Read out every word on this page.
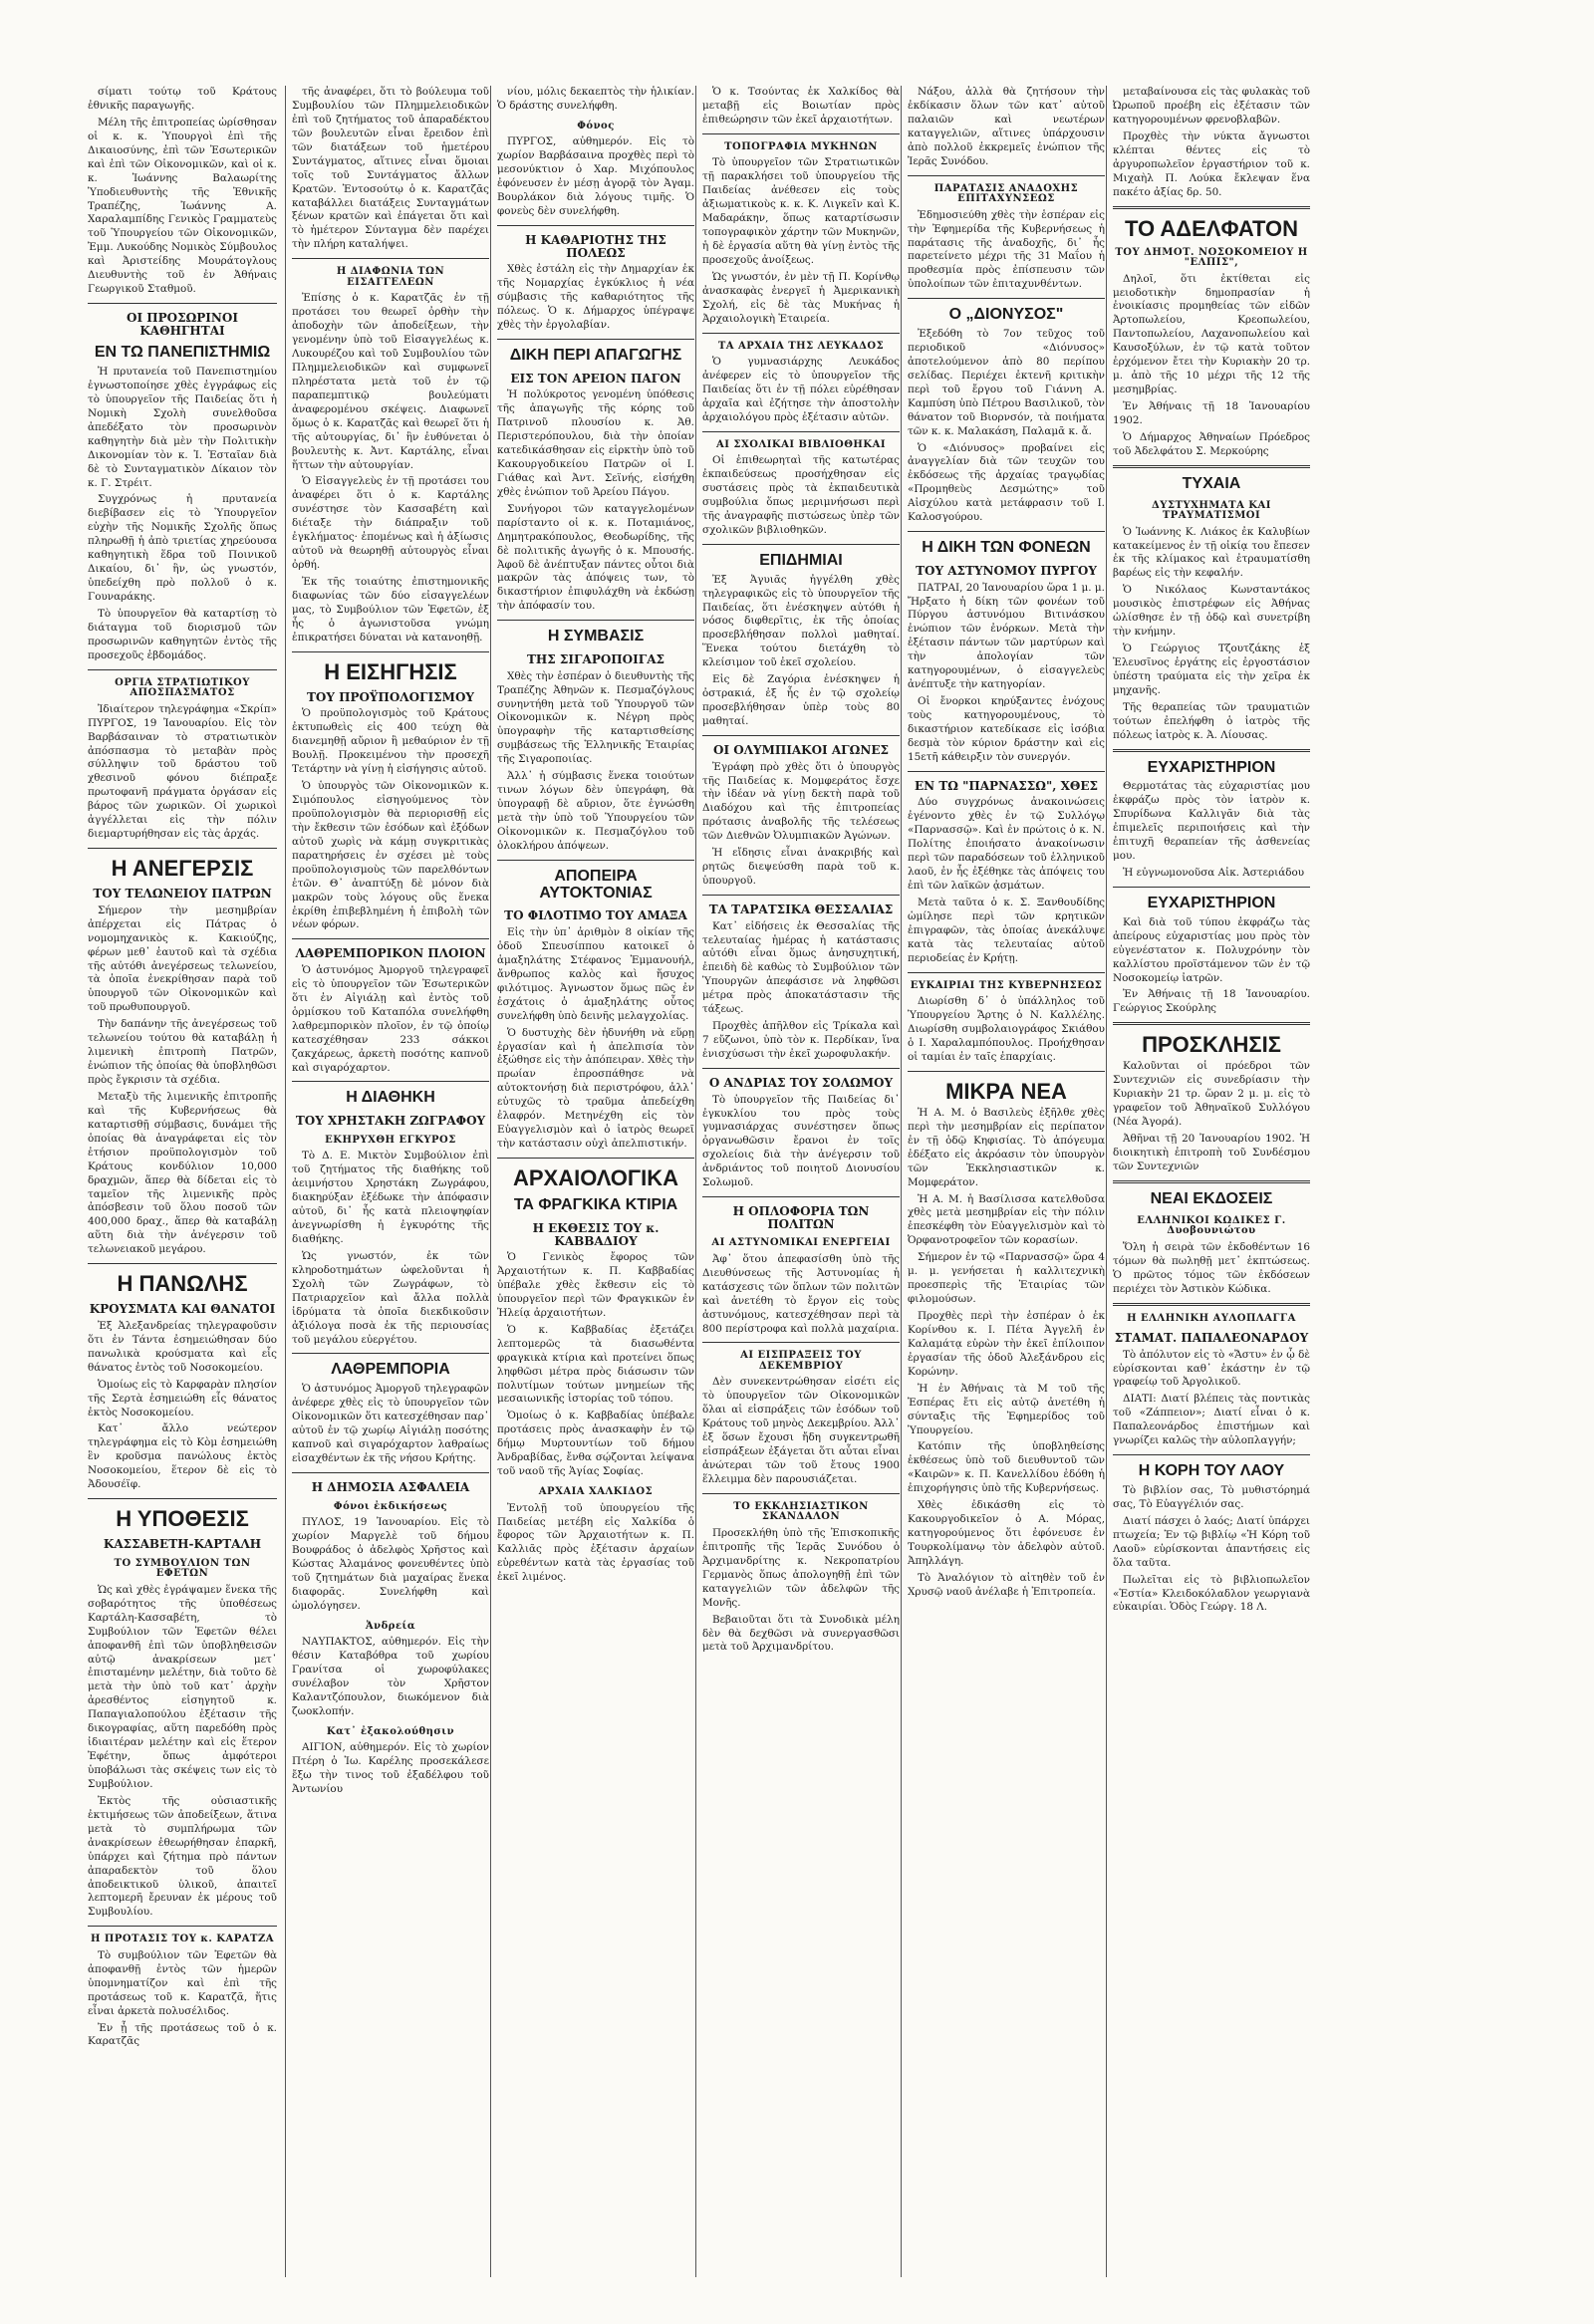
σίματι τούτῳ τοῦ Κράτους ἐθνικῆς παραγωγῆς.

Μέλη τῆς ἐπιτροπείας ὡρίσθησαν οἱ κ. κ. Ὑπουργοὶ ἐπὶ τῆς Δικαιοσύνης, ἐπὶ τῶν Ἐσωτερικῶν καὶ ἐπὶ τῶν Οἰκονομικῶν, καὶ οἱ κ. κ. Ἰωάννης Βαλαωρίτης Ὑποδιευθυντὴς τῆς Ἐθνικῆς Τραπέζης, Ἰωάννης Α. Χαραλαμπίδης Γενικὸς Γραμματεὺς τοῦ Ὑπουργείου τῶν Οἰκονομικῶν, Ἐμμ. Λυκούδης Νομικὸς Σύμβουλος καὶ Ἀριστείδης Μουράτογλους Διευθυντὴς τοῦ ἐν Ἀθήναις Γεωργικοῦ Σταθμοῦ.

ΟΙ ΠΡΟΣΩΡΙΝΟΙ ΚΑΘΗΓΗΤΑΙ
ΕΝ ΤΩ ΠΑΝΕΠΙΣΤΗΜΙΩ

Ἡ πρυτανεία τοῦ Πανεπιστημίου ἐγνωστοποίησε χθὲς ἐγγράφως εἰς τὸ ὑπουργεῖον τῆς Παιδείας ὅτι ἡ Νομικὴ Σχολὴ συνελθοῦσα ἀπεδέξατο τὸν προσωρινὸν καθηγητὴν διὰ μὲν τὴν Πολιτικὴν Δικονομίαν τὸν κ. Ἰ. Ἐσταῖαν διὰ δὲ τὸ Συνταγματικὸν Δίκαιον τὸν κ. Γ. Στρέιτ.

Συγχρόνως ἡ πρυτανεία διεβίβασεν εἰς τὸ Ὑπουργεῖον εὐχὴν τῆς Νομικῆς Σχολῆς ὅπως πληρωθῇ ἡ ἀπὸ τριετίας χηρεύουσα καθηγητικὴ ἕδρα τοῦ Ποινικοῦ Δικαίου, δι᾽ ἣν, ὡς γνωστόν, ὑπεδείχθη πρὸ πολλοῦ ὁ κ. Γουναράκης.

Τὸ ὑπουργεῖον θὰ καταρτίσῃ τὸ διάταγμα τοῦ διορισμοῦ τῶν προσωρινῶν καθηγητῶν ἐντὸς τῆς προσεχοῦς ἑβδομάδος.

ΟΡΓΙΑ ΣΤΡΑΤΙΩΤΙΚΟΥ ΑΠΟΣΠΑΣΜΑΤΟΣ

Ἰδιαίτερον τηλεγράφημα «Σκρίπ» ΠΥΡΓΟΣ, 19 Ἰανουαρίου. Εἰς τὸν Βαρβάσαιναν τὸ στρατιωτικὸν ἀπόσπασμα τὸ μεταβὰν πρὸς σύλληψιν τοῦ δράστου τοῦ χθεσινοῦ φόνου διέπραξε πρωτοφανῆ πράγματα ὀργάσαν εἰς βάρος τῶν χωρικῶν. Οἱ χωρικοὶ ἀγγέλλεται εἰς τὴν πόλιν διεμαρτυρήθησαν εἰς τὰς ἀρχάς.

Η ΑΝΕΓΕΡΣΙΣ
ΤΟΥ ΤΕΛΩΝΕΙΟΥ ΠΑΤΡΩΝ

Σήμερον τὴν μεσημβρίαν ἀπέρχεται εἰς Πάτρας ὁ νομομηχανικὸς κ. Κακιούζης, φέρων μεθ᾽ ἑαυτοῦ καὶ τὰ σχέδια τῆς αὐτόθι ἀνεγέρσεως τελωνείου, τὰ ὁποῖα ἐνεκρίθησαν παρὰ τοῦ ὑπουργοῦ τῶν Οἰκονομικῶν καὶ τοῦ πρωθυπουργοῦ.

Τὴν δαπάνην τῆς ἀνεγέρσεως τοῦ τελωνείου τούτου θὰ καταβάλῃ ἡ λιμενικὴ ἐπιτροπὴ Πατρῶν, ἐνώπιον τῆς ὁποίας θὰ ὑποβληθῶσι πρὸς ἔγκρισιν τὰ σχέδια.

Μεταξὺ τῆς λιμενικῆς ἐπιτροπῆς καὶ τῆς Κυβερνήσεως θὰ καταρτισθῇ σύμβασις, δυνάμει τῆς ὁποίας θὰ ἀναγράφεται εἰς τὸν ἐτήσιον προϋπολογισμὸν τοῦ Κράτους κονδύλιον 10,000 δραχμῶν, ἅπερ θὰ δίδεται εἰς τὸ ταμεῖον τῆς λιμενικῆς πρὸς ἀπόσβεσιν τοῦ ὅλου ποσοῦ τῶν 400,000 δραχ., ἅπερ θὰ καταβάλῃ αὕτη διὰ τὴν ἀνέγερσιν τοῦ τελωνειακοῦ μεγάρου.

Η ΠΑΝΩΛΗΣ
ΚΡΟΥΣΜΑΤΑ ΚΑΙ ΘΑΝΑΤΟΙ

Ἐξ Ἀλεξανδρείας τηλεγραφοῦσιν ὅτι ἐν Τάντα ἐσημειώθησαν δύο πανωλικὰ κρούσματα καὶ εἷς θάνατος ἐντὸς τοῦ Νοσοκομείου.

Ὁμοίως εἰς τὸ Καρφαρὰν πλησίον τῆς Σερτὰ ἐσημειώθη εἷς θάνατος ἐκτὸς Νοσοκομείου.

Κατ᾽ ἄλλο νεώτερον τηλεγράφημα εἰς τὸ Κὸμ ἐσημειώθη ἓν κροῦσμα πανώλους ἐκτὸς Νοσοκομείου, ἕτερον δὲ εἰς τὸ Ἀδουσέϊφ.

Η ΥΠΟΘΕΣΙΣ
ΚΑΣΣΑΒΕΤΗ-ΚΑΡΤΑΛΗ
ΤΟ ΣΥΜΒΟΥΛΙΟΝ ΤΩΝ ΕΦΕΤΩΝ

Ὡς καὶ χθὲς ἐγράψαμεν ἕνεκα τῆς σοβαρότητος τῆς ὑποθέσεως Καρτάλη-Κασσαβέτη, τὸ Συμβούλιον τῶν Ἐφετῶν θέλει ἀποφανθῆ ἐπὶ τῶν ὑποβληθεισῶν αὐτῷ ἀνακρίσεων μετ᾽ ἐπισταμένην μελέτην, διὰ τοῦτο δὲ μετὰ τὴν ὑπὸ τοῦ κατ᾽ ἀρχὴν ἀρεσθέντος εἰσηγητοῦ κ. Παπαγιαλοπούλου ἐξέτασιν τῆς δικογραφίας, αὕτη παρεδόθη πρὸς ἰδιαιτέραν μελέτην καὶ εἰς ἕτερον Ἐφέτην, ὅπως ἀμφότεροι ὑποβάλωσι τὰς σκέψεις των εἰς τὸ Συμβούλιον.

Ἐκτὸς τῆς οὐσιαστικῆς ἐκτιμήσεως τῶν ἀποδείξεων, ἅτινα μετὰ τὸ συμπλήρωμα τῶν ἀνακρίσεων ἐθεωρήθησαν ἐπαρκῆ, ὑπάρχει καὶ ζήτημα πρὸ πάντων ἀπαραδεκτὸν τοῦ ὅλου ἀποδεικτικοῦ ὑλικοῦ, ἀπαιτεῖ λεπτομερῆ ἔρευναν ἐκ μέρους τοῦ Συμβουλίου.

Η ΠΡΟΤΑΣΙΣ ΤΟΥ κ. ΚΑΡΑΤΖΑ

Τὸ συμβούλιον τῶν Ἐφετῶν θὰ ἀποφανθῇ ἐντὸς τῶν ἡμερῶν ὑπομνηματίζον καὶ ἐπὶ τῆς προτάσεως τοῦ κ. Καρατζᾶ, ἥτις εἶναι ἀρκετὰ πολυσέλιδος.

Ἐν ᾗ τῆς προτάσεως τοῦ ὁ κ. Καρατζᾶς

τῆς ἀναφέρει, ὅτι τὸ βούλευμα τοῦ Συμβουλίου τῶν Πλημμελειοδικῶν ἐπὶ τοῦ ζητήματος τοῦ ἀπαραδέκτου τῶν βουλευτῶν εἶναι ἔρειδον ἐπὶ τῶν διατάξεων τοῦ ἡμετέρου Συντάγματος, αἵτινες εἶναι ὅμοιαι τοῖς τοῦ Συντάγματος ἄλλων Κρατῶν. Ἐντοσούτῳ ὁ κ. Καρατζᾶς καταβάλλει διατάξεις Συνταγμάτων ξένων κρατῶν καὶ ἐπάγεται ὅτι καὶ τὸ ἡμέτερον Σύνταγμα δὲν παρέχει τὴν πλήρη καταλήψει.

Η ΔΙΑΦΩΝΙΑ ΤΩΝ ΕΙΣΑΓΓΕΛΕΩΝ

Ἐπίσης ὁ κ. Καρατζᾶς ἐν τῇ προτάσει του θεωρεῖ ὀρθὴν τὴν ἀποδοχὴν τῶν ἀποδείξεων, τὴν γενομένην ὑπὸ τοῦ Εἰσαγγελέως κ. Λυκουρέζου καὶ τοῦ Συμβουλίου τῶν Πλημμελειοδικῶν καὶ συμφωνεῖ πληρέστατα μετὰ τοῦ ἐν τῷ παραπεμπτικῷ βουλεύματι ἀναφερομένου σκέψεις. Διαφωνεῖ ὅμως ὁ κ. Καρατζᾶς καὶ θεωρεῖ ὅτι ἡ τῆς αὐτουργίας, δι᾽ ἣν ἐυθύνεται ὁ βουλευτὴς κ. Ἀντ. Καρτάλης, εἶναι ἥττων τὴν αὐτουργίαν.

Ὁ Εἰσαγγελεὺς ἐν τῇ προτάσει του ἀναφέρει ὅτι ὁ κ. Καρτάλης συνέστησε τὸν Κασσαβέτη καὶ διέταξε τὴν διάπραξιν τοῦ ἐγκλήματος· ἐπομένως καὶ ἡ ἀξίωσις αὐτοῦ νὰ θεωρηθῇ αὐτουργὸς εἶναι ὀρθή.

Ἐκ τῆς τοιαύτης ἐπιστημονικῆς διαφωνίας τῶν δύο εἰσαγγελέων μας, τὸ Συμβούλιον τῶν Ἐφετῶν, ἐξ ἧς ὁ ἀγωνιστοῦσα γνώμη ἐπικρατήσει δύναται νὰ κατανοηθῇ.

Η ΕΙΣΗΓΗΣΙΣ
ΤΟΥ ΠΡΟΫΠΟΛΟΓΙΣΜΟΥ

Ὁ προϋπολογισμὸς τοῦ Κράτους ἐκτυπωθεὶς εἰς 400 τεύχη θὰ διανεμηθῇ αὔριον ἢ μεθαύριον ἐν τῇ Βουλῇ. Προκειμένου τὴν προσεχῆ Τετάρτην νὰ γίνῃ ἡ εἰσήγησις αὐτοῦ.

Ὁ ὑπουργὸς τῶν Οἰκονομικῶν κ. Σιμόπουλος εἰσηγούμενος τὸν προϋπολογισμὸν θὰ περιορισθῇ εἰς τὴν ἔκθεσιν τῶν ἐσόδων καὶ ἐξόδων αὐτοῦ χωρὶς νὰ κάμῃ συγκριτικὰς παρατηρήσεις ἐν σχέσει μὲ τοὺς προϋπολογισμοὺς τῶν παρελθόντων ἐτῶν. Θ᾽ ἀναπτύξῃ δὲ μόνον διὰ μακρῶν τοὺς λόγους οὓς ἕνεκα ἐκρίθη ἐπιβεβλημένη ἡ ἐπιβολὴ τῶν νέων φόρων.

ΛΑΘΡΕΜΠΟΡΙΚΟΝ ΠΛΟΙΟΝ

Ὁ ἀστυνόμος Ἀμοργοῦ τηλεγραφεῖ εἰς τὸ ὑπουργεῖον τῶν Ἐσωτερικῶν ὅτι ἐν Αἰγιάλῃ καὶ ἐντὸς τοῦ ὁρμίσκου τοῦ Καταπόλα συνελήφθη λαθρεμπορικὸν πλοῖον, ἐν τῷ ὁποίῳ κατεσχέθησαν 233 σάκκοι ζακχάρεως, ἀρκετὴ ποσότης καπνοῦ καὶ σιγαρόχαρτον.

Η ΔΙΑΘΗΚΗ
ΤΟΥ ΧΡΗΣΤΑΚΗ ΖΩΓΡΑΦΟΥ
ΕΚΗΡΥΧΘΗ ΕΓΚΥΡΟΣ

Τὸ Δ. Ε. Μικτὸν Συμβούλιον ἐπὶ τοῦ ζητήματος τῆς διαθήκης τοῦ ἀειμνήστου Χρηστάκη Ζωγράφου, διακηρύξαν ἐξέδωκε τὴν ἀπόφασιν αὐτοῦ, δι᾽ ἧς κατὰ πλειοψηφίαν ἀνεγνωρίσθη ἡ ἐγκυρότης τῆς διαθήκης.

Ὡς γνωστόν, ἐκ τῶν κληροδοτημάτων ὡφελοῦνται ἡ Σχολὴ τῶν Ζωγράφων, τὸ Πατριαρχεῖον καὶ ἄλλα πολλὰ ἱδρύματα τὰ ὁποῖα διεκδικοῦσιν ἀξιόλογα ποσὰ ἐκ τῆς περιουσίας τοῦ μεγάλου εὐεργέτου.

ΛΑΘΡΕΜΠΟΡΙΑ

Ὁ ἀστυνόμος Ἀμοργοῦ τηλεγραφῶν ἀνέφερε χθὲς εἰς τὸ ὑπουργεῖον τῶν Οἰκονομικῶν ὅτι κατεσχέθησαν παρ᾽ αὐτοῦ ἐν τῷ χωρίῳ Αἰγιάλῃ ποσότης καπνοῦ καὶ σιγαρόχαρτον λαθραίως εἰσαχθέντων ἐκ τῆς νήσου Κρήτης.

Η ΔΗΜΟΣΙΑ ΑΣΦΑΛΕΙΑ
Φόνοι ἐκδικήσεως

ΠΥΛΟΣ, 19 Ἰανουαρίου. Εἰς τὸ χωρίον Μαργελὲ τοῦ δήμου Βουφράδος ὁ ἀδελφὸς Χρῆστος καὶ Κώστας Ἀλαμάνος φονευθέντες ὑπὸ τοῦ ζητημάτων διὰ μαχαίρας ἕνεκα διαφορᾶς. Συνελήφθη καὶ ὡμολόγησεν.

Ἀνδρεία

ΝΑΥΠΑΚΤΟΣ, αὐθημερόν. Εἰς τὴν θέσιν Καταβόθρα τοῦ χωρίου Γρανίτσα οἱ χωροφύλακες συνέλαβον τὸν Χρῆστον Καλαντζόπουλον, διωκόμενον διὰ ζωοκλοπήν.

Κατ᾽ ἐξακολούθησιν

ΑΙΓΙΟΝ, αὐθημερόν. Εἰς τὸ χωρίον Πτέρη ὁ Ἰω. Καρέλης προσεκάλεσε ἔξω τὴν τινος τοῦ ἐξαδέλφου τοῦ Ἀντωνίου

νίου, μόλις δεκαεπτὸς τὴν ἡλικίαν. Ὁ δράστης συνελήφθη.

Φόνος

ΠΥΡΓΟΣ, αὐθημερόν. Εἰς τὸ χωρίον Βαρβάσαινα προχθὲς περὶ τὸ μεσονύκτιον ὁ Χαρ. Μιχόπουλος ἐφόνευσεν ἐν μέσῃ ἀγορᾷ τὸν Ἀγαμ. Βουρλάκον διὰ λόγους τιμῆς. Ὁ φονεὺς δὲν συνελήφθη.

Η ΚΑΘΑΡΙΟΤΗΣ ΤΗΣ ΠΟΛΕΩΣ

Χθὲς ἐστάλη εἰς τὴν Δημαρχίαν ἐκ τῆς Νομαρχίας ἐγκύκλιος ἡ νέα σύμβασις τῆς καθαριότητος τῆς πόλεως. Ὁ κ. Δήμαρχος ὑπέγραψε χθὲς τὴν ἐργολαβίαν.

ΔΙΚΗ ΠΕΡΙ ΑΠΑΓΩΓΗΣ
ΕΙΣ ΤΟΝ ΑΡΕΙΟΝ ΠΑΓΟΝ

Ἡ πολύκροτος γενομένη ὑπόθεσις τῆς ἀπαγωγῆς τῆς κόρης τοῦ Πατρινοῦ πλουσίου κ. Ἀθ. Περιστερόπουλου, διὰ τὴν ὁποίαν κατεδικάσθησαν εἰς εἱρκτὴν ὑπὸ τοῦ Κακουργοδικείου Πατρῶν οἱ Ι. Γιάθας καὶ Ἀντ. Σεϊνής, εἰσήχθη χθὲς ἐνώπιον τοῦ Ἀρείου Πάγου.

Συνήγοροι τῶν καταγγελομένων παρίσταντο οἱ κ. κ. Ποταμιάνος, Δημητρακόπουλος, Θεοδωρίδης, τῆς δὲ πολιτικῆς ἀγωγῆς ὁ κ. Μπουσής. Ἀφοῦ δὲ ἀνέπτυξαν πάντες οὗτοι διὰ μακρῶν τὰς ἀπόψεις των, τὸ δικαστήριον ἐπιφυλάχθη νὰ ἐκδώσῃ τὴν ἀπόφασίν του.

Η ΣΥΜΒΑΣΙΣ
ΤΗΣ ΣΙΓΑΡΟΠΟΙΓΑΣ

Χθὲς τὴν ἑσπέραν ὁ διευθυντὴς τῆς Τραπέζης Ἀθηνῶν κ. Πεσμαζόγλους συνηντήθη μετὰ τοῦ Ὑπουργοῦ τῶν Οἰκονομικῶν κ. Νέγρη πρὸς ὑπογραφὴν τῆς καταρτισθείσης συμβάσεως τῆς Ἑλληνικῆς Ἑταιρίας τῆς Σιγαροποιίας.

Ἀλλ᾽ ἡ σύμβασις ἕνεκα τοιούτων τινων λόγων δὲν ὑπεγράφη, θὰ ὑπογραφῇ δὲ αὔριον, ὅτε ἐγνώσθη μετὰ τὴν ὑπὸ τοῦ Ὑπουργείου τῶν Οἰκονομικῶν κ. Πεσμαζόγλου τοῦ ὁλοκλήρου ἀπόψεων.

ΑΠΟΠΕΙΡΑ ΑΥΤΟΚΤΟΝΙΑΣ
ΤΟ ΦΙΛΟΤΙΜΟ ΤΟΥ ΑΜΑΞΑ

Εἰς τὴν ὑπ᾽ ἀριθμὸν 8 οἰκίαν τῆς ὁδοῦ Σπευσίππου κατοικεῖ ὁ ἁμαξηλάτης Στέφανος Ἐμμανουήλ, ἄνθρωπος καλὸς καὶ ἥσυχος φιλότιμος. Ἀγνωστον ὅμως πῶς ἐν ἐσχάτοις ὁ ἁμαξηλάτης οὗτος συνελήφθη ὑπὸ δεινῆς μελαγχολίας.

Ὁ δυστυχὴς δὲν ἠδυνήθη νὰ εὕρῃ ἐργασίαν καὶ ἡ ἀπελπισία τὸν ἐξώθησε εἰς τὴν ἀπόπειραν. Χθὲς τὴν πρωίαν ἐπροσπάθησε νὰ αὐτοκτονήσῃ διὰ περιστρόφου, ἀλλ᾽ εὐτυχῶς τὸ τραῦμα ἀπεδείχθη ἐλαφρόν. Μετηνέχθη εἰς τὸν Εὐαγγελισμὸν καὶ ὁ ἰατρὸς θεωρεῖ τὴν κατάστασιν οὐχὶ ἀπελπιστικήν.

ΑΡΧΑΙΟΛΟΓΙΚΑ
ΤΑ ΦΡΑΓΚΙΚΑ ΚΤΙΡΙΑ
Η ΕΚΘΕΣΙΣ ΤΟΥ κ. ΚΑΒΒΑΔΙΟΥ

Ὁ Γενικὸς ἔφορος τῶν Ἀρχαιοτήτων κ. Π. Καββαδίας ὑπέβαλε χθὲς ἔκθεσιν εἰς τὸ ὑπουργεῖον περὶ τῶν Φραγκικῶν ἐν Ἠλείᾳ ἀρχαιοτήτων.

Ὁ κ. Καββαδίας ἐξετάζει λεπτομερῶς τὰ διασωθέντα φραγκικὰ κτίρια καὶ προτείνει ὅπως ληφθῶσι μέτρα πρὸς διάσωσιν τῶν πολυτίμων τούτων μνημείων τῆς μεσαιωνικῆς ἱστορίας τοῦ τόπου.

Ὁμοίως ὁ κ. Καββαδίας ὑπέβαλε προτάσεις πρὸς ἀνασκαφὴν ἐν τῷ δήμῳ Μυρτουντίων τοῦ δήμου Ἀνδραβίδας, ἔνθα σῴζονται λείψανα τοῦ ναοῦ τῆς Ἁγίας Σοφίας.

ΑΡΧΑΙΑ ΧΑΛΚΙΔΟΣ

Ἐντολῇ τοῦ ὑπουργείου τῆς Παιδείας μετέβη εἰς Χαλκίδα ὁ ἔφορος τῶν Ἀρχαιοτήτων κ. Π. Καλλιᾶς πρὸς ἐξέτασιν ἀρχαίων εὑρεθέντων κατὰ τὰς ἐργασίας τοῦ ἐκεῖ λιμένος.

Ὁ κ. Τσούντας ἐκ Χαλκίδος θὰ μεταβῇ εἰς Βοιωτίαν πρὸς ἐπιθεώρησιν τῶν ἐκεῖ ἀρχαιοτήτων.

ΤΟΠΟΓΡΑΦΙΑ ΜΥΚΗΝΩΝ

Τὸ ὑπουργεῖον τῶν Στρατιωτικῶν τῇ παρακλήσει τοῦ ὑπουργείου τῆς Παιδείας ἀνέθεσεν εἰς τοὺς ἀξιωματικοὺς κ. κ. Κ. Λιγκεῖν καὶ Κ. Μαδαράκην, ὅπως καταρτίσωσιν τοπογραφικὸν χάρτην τῶν Μυκηνῶν, ἡ δὲ ἐργασία αὕτη θὰ γίνῃ ἐντὸς τῆς προσεχοῦς ἀνοίξεως.

Ὡς γνωστόν, ἐν μὲν τῇ Π. Κορίνθῳ ἀνασκαφὰς ἐνεργεῖ ἡ Ἀμερικανικὴ Σχολή, εἰς δὲ τὰς Μυκήνας ἡ Ἀρχαιολογικὴ Ἑταιρεία.

ΤΑ ΑΡΧΑΙΑ ΤΗΣ ΛΕΥΚΑΔΟΣ

Ὁ γυμνασιάρχης Λευκάδος ἀνέφερεν εἰς τὸ ὑπουργεῖον τῆς Παιδείας ὅτι ἐν τῇ πόλει εὑρέθησαν ἀρχαῖα καὶ ἐζήτησε τὴν ἀποστολὴν ἀρχαιολόγου πρὸς ἐξέτασιν αὐτῶν.

ΑΙ ΣΧΟΛΙΚΑΙ ΒΙΒΛΙΟΘΗΚΑΙ

Οἱ ἐπιθεωρηταὶ τῆς κατωτέρας ἐκπαιδεύσεως προσήχθησαν εἰς συστάσεις πρὸς τὰ ἐκπαιδευτικὰ συμβούλια ὅπως μεριμνήσωσι περὶ τῆς ἀναγραφῆς πιστώσεως ὑπὲρ τῶν σχολικῶν βιβλιοθηκῶν.

ΕΠΙΔΗΜΙΑΙ

Ἐξ Ἀγυιᾶς ἠγγέλθη χθὲς τηλεγραφικῶς εἰς τὸ ὑπουργεῖον τῆς Παιδείας, ὅτι ἐνέσκηψεν αὐτόθι ἡ νόσος διφθερῖτις, ἐκ τῆς ὁποίας προσεβλήθησαν πολλοὶ μαθηταί. Ἕνεκα τούτου διετάχθη τὸ κλείσιμον τοῦ ἐκεῖ σχολείου.

Εἰς δὲ Ζαγόρια ἐνέσκηψεν ἡ ὀστρακιά, ἐξ ἧς ἐν τῷ σχολείῳ προσεβλήθησαν ὑπὲρ τοὺς 80 μαθηταί.

ΟΙ ΟΛΥΜΠΙΑΚΟΙ ΑΓΩΝΕΣ

Ἐγράφη πρὸ χθὲς ὅτι ὁ ὑπουργὸς τῆς Παιδείας κ. Μομφεράτος ἔσχε τὴν ἰδέαν νὰ γίνῃ δεκτὴ παρὰ τοῦ Διαδόχου καὶ τῆς ἐπιτροπείας πρότασις ἀναβολῆς τῆς τελέσεως τῶν Διεθνῶν Ὀλυμπιακῶν Ἀγώνων.

Ἡ εἴδησις εἶναι ἀνακριβής καὶ ρητῶς διεψεύσθη παρὰ τοῦ κ. ὑπουργοῦ.

ΤΑ ΤΑΡΑΤΣΙΚΑ ΘΕΣΣΑΛΙΑΣ

Κατ᾽ εἰδήσεις ἐκ Θεσσαλίας τῆς τελευταίας ἡμέρας ἡ κατάστασις αὐτόθι εἶναι ὅμως ἀνησυχητική, ἐπειδὴ δὲ καθὼς τὸ Συμβούλιον τῶν Ὑπουργῶν ἀπεφάσισε νὰ ληφθῶσι μέτρα πρὸς ἀποκατάστασιν τῆς τάξεως.

Προχθὲς ἀπῆλθον εἰς Τρίκαλα καὶ 7 εὔζωνοι, ὑπὸ τὸν κ. Περδίκαν, ἵνα ἐνισχύσωσι τὴν ἐκεῖ χωροφυλακήν.

Ο ΑΝΔΡΙΑΣ ΤΟΥ ΣΟΛΩΜΟΥ

Τὸ ὑπουργεῖον τῆς Παιδείας δι᾽ ἐγκυκλίου του πρὸς τοὺς γυμνασιάρχας συνέστησεν ὅπως ὀργανωθῶσιν ἔρανοι ἐν τοῖς σχολείοις διὰ τὴν ἀνέγερσιν τοῦ ἀνδριάντος τοῦ ποιητοῦ Διονυσίου Σολωμοῦ.

Η ΟΠΛΟΦΟΡΙΑ ΤΩΝ ΠΟΛΙΤΩΝ
ΑΙ ΑΣΤΥΝΟΜΙΚΑΙ ΕΝΕΡΓΕΙΑΙ

Ἀφ᾽ ὅτου ἀπεφασίσθη ὑπὸ τῆς Διευθύνσεως τῆς Ἀστυνομίας ἡ κατάσχεσις τῶν ὅπλων τῶν πολιτῶν καὶ ἀνετέθη τὸ ἔργον εἰς τοὺς ἀστυνόμους, κατεσχέθησαν περὶ τὰ 800 περίστροφα καὶ πολλὰ μαχαίρια.

ΑΙ ΕΙΣΠΡΑΞΕΙΣ ΤΟΥ ΔΕΚΕΜΒΡΙΟΥ

Δὲν συνεκεντρώθησαν εἰσέτι εἰς τὸ ὑπουργεῖον τῶν Οἰκονομικῶν ὅλαι αἱ εἰσπράξεις τῶν ἐσόδων τοῦ Κράτους τοῦ μηνὸς Δεκεμβρίου. Ἀλλ᾽ ἐξ ὅσων ἔχουσι ἤδη συγκεντρωθῆ εἰσπράξεων ἐξάγεται ὅτι αὗται εἶναι ἀνώτεραι τῶν τοῦ ἔτους 1900 ἕλλειμμα δὲν παρουσιάζεται.

ΤΟ ΕΚΚΛΗΣΙΑΣΤΙΚΟΝ ΣΚΑΝΔΑΛΟΝ

Προσεκλήθη ὑπὸ τῆς Ἐπισκοπικῆς ἐπιτροπῆς τῆς Ἱερᾶς Συνόδου ὁ Ἀρχιμανδρίτης κ. Νεκροπατρίου Γερμανὸς ὅπως ἀπολογηθῇ ἐπὶ τῶν καταγγελιῶν τῶν ἀδελφῶν τῆς Μονῆς.

Βεβαιοῦται ὅτι τὰ Συνοδικὰ μέλη δὲν θὰ δεχθῶσι νὰ συνεργασθῶσι μετὰ τοῦ Ἀρχιμανδρίτου.

Νάξου, ἀλλὰ θὰ ζητήσουν τὴν ἐκδίκασιν ὅλων τῶν κατ᾽ αὐτοῦ παλαιῶν καὶ νεωτέρων καταγγελιῶν, αἵτινες ὑπάρχουσιν ἀπὸ πολλοῦ ἐκκρεμεῖς ἐνώπιον τῆς Ἱερᾶς Συνόδου.

ΠΑΡΑΤΑΣΙΣ ΑΝΑΔΟΧΗΣ ΕΠΙΤΑΧΥΝΣΕΩΣ

Ἐδημοσιεύθη χθὲς τὴν ἑσπέραν εἰς τὴν Ἐφημερίδα τῆς Κυβερνήσεως ἡ παράτασις τῆς ἀναδοχῆς, δι᾽ ἧς παρετείνετο μέχρι τῆς 31 Μαΐου ἡ προθεσμία πρὸς ἐπίσπευσιν τῶν ὑπολοίπων τῶν ἐπιταχυνθέντων.

Ο „ΔΙΟΝΥΣΟΣ"

Ἐξεδόθη τὸ 7ον τεῦχος τοῦ περιοδικοῦ «Διόνυσος» ἀποτελούμενον ἀπὸ 80 περίπου σελίδας. Περιέχει ἐκτενῆ κριτικὴν περὶ τοῦ ἔργου τοῦ Γιάννη Α. Καμπύση ὑπὸ Πέτρου Βασιλικοῦ, τὸν θάνατον τοῦ Βιορνσόν, τὰ ποιήματα τῶν κ. κ. Μαλακάση, Παλαμᾶ κ. ἄ.

Ὁ «Διόνυσος» προβαίνει εἰς ἀναγγελίαν διὰ τῶν τευχῶν του ἐκδόσεως τῆς ἀρχαίας τραγῳδίας «Προμηθεὺς Δεσμώτης» τοῦ Αἰσχύλου κατὰ μετάφρασιν τοῦ Ι. Καλοσγούρου.

Η ΔΙΚΗ ΤΩΝ ΦΟΝΕΩΝ
ΤΟΥ ΑΣΤΥΝΟΜΟΥ ΠΥΡΓΟΥ

ΠΑΤΡΑΙ, 20 Ἰανουαρίου ὥρα 1 μ. μ. Ἤρξατο ἡ δίκη τῶν φονέων τοῦ Πύργου ἀστυνόμου Βιτινάσκου ἐνώπιον τῶν ἐνόρκων. Μετὰ τὴν ἐξέτασιν πάντων τῶν μαρτύρων καὶ τὴν ἀπολογίαν τῶν κατηγορουμένων, ὁ εἰσαγγελεὺς ἀνέπτυξε τὴν κατηγορίαν.

Οἱ ἔνορκοι κηρύξαντες ἐνόχους τοὺς κατηγορουμένους, τὸ δικαστήριον κατεδίκασε εἰς ἰσόβια δεσμὰ τὸν κύριον δράστην καὶ εἰς 15ετῆ κάθειρξιν τὸν συνεργόν.

ΕΝ ΤΩ "ΠΑΡΝΑΣΣΩ", ΧΘΕΣ

Δύο συγχρόνως ἀνακοινώσεις ἐγένοντο χθὲς ἐν τῷ Συλλόγῳ «Παρνασσῷ». Καὶ ἐν πρώτοις ὁ κ. Ν. Πολίτης ἐποιήσατο ἀνακοίνωσιν περὶ τῶν παραδόσεων τοῦ ἑλληνικοῦ λαοῦ, ἐν ἧς ἐξέθηκε τὰς ἀπόψεις του ἐπὶ τῶν λαϊκῶν ᾀσμάτων.

Μετὰ ταῦτα ὁ κ. Σ. Ξανθουδίδης ὡμίλησε περὶ τῶν κρητικῶν ἐπιγραφῶν, τὰς ὁποίας ἀνεκάλυψε κατὰ τὰς τελευταίας αὐτοῦ περιοδείας ἐν Κρήτῃ.

ΕΥΚΑΙΡΙΑΙ ΤΗΣ ΚΥΒΕΡΝΗΣΕΩΣ

Διωρίσθη δ᾽ ὁ ὑπάλληλος τοῦ Ὑπουργείου Ἄρτης ὁ Ν. Καλλέλης. Διωρίσθη συμβολαιογράφος Σκιάθου ὁ Ι. Χαραλαμπόπουλος. Προήχθησαν οἱ ταμίαι ἐν ταῖς ἐπαρχίαις.

ΜΙΚΡΑ ΝΕΑ

Ἡ Α. Μ. ὁ Βασιλεὺς ἐξῆλθε χθὲς περὶ τὴν μεσημβρίαν εἰς περίπατον ἐν τῇ ὁδῷ Κηφισίας. Τὸ ἀπόγευμα ἐδέξατο εἰς ἀκρόασιν τὸν ὑπουργὸν τῶν Ἐκκλησιαστικῶν κ. Μομφεράτον.

Ἡ Α. Μ. ἡ Βασίλισσα κατελθοῦσα χθὲς μετὰ μεσημβρίαν εἰς τὴν πόλιν ἐπεσκέφθη τὸν Εὐαγγελισμὸν καὶ τὸ Ὀρφανοτροφεῖον τῶν κορασίων.

Σήμερον ἐν τῷ «Παρνασσῷ» ὥρα 4 μ. μ. γενήσεται ἡ καλλιτεχνικὴ προεσπερὶς τῆς Ἑταιρίας τῶν φιλομούσων.

Προχθὲς περὶ τὴν ἑσπέραν ὁ ἐκ Κορίνθου κ. Ι. Πέτα Ἀγγελῆ ἐν Καλαμάτᾳ εὑρὼν τὴν ἐκεῖ ἐπίλοιπον ἐργασίαν τῆς ὁδοῦ Ἀλεξάνδρου εἰς Κορώνην.

Ἡ ἐν Ἀθήναις τὰ Μ τοῦ τῆς Ἑσπέρας ἔτι εἰς αὐτῷ ἀνετέθη ἡ σύνταξις τῆς Ἐφημερίδος τοῦ Ὑπουργείου.

Κατόπιν τῆς ὑποβληθείσης ἐκθέσεως ὑπὸ τοῦ διευθυντοῦ τῶν «Καιρῶν» κ. Π. Κανελλίδου ἐδόθη ἡ ἐπιχορήγησις ὑπὸ τῆς Κυβερνήσεως.

Χθὲς ἐδικάσθη εἰς τὸ Κακουργοδικεῖον ὁ Α. Μόρας, κατηγορούμενος ὅτι ἐφόνευσε ἐν Τουρκολίμανῳ τὸν ἀδελφὸν αὐτοῦ. Ἀπηλλάγη.

Τὸ Ἀναλόγιον τὸ αἰτηθὲν τοῦ ἐν Χρυσῷ ναοῦ ἀνέλαβε ἡ Ἐπιτροπεία.

μεταβαίνουσα εἰς τὰς φυλακὰς τοῦ Ὠρωποῦ προέβη εἰς ἐξέτασιν τῶν κατηγορουμένων φρενοβλαβῶν.

Προχθὲς τὴν νύκτα ἄγνωστοι κλέπται θέντες εἰς τὸ ἀργυροπωλεῖον ἐργαστήριον τοῦ κ. Μιχαὴλ Π. Λούκα ἔκλεψαν ἕνα πακέτο ἀξίας δρ. 50.

ΤΟ ΑΔΕΛΦΑΤΟΝ
ΤΟΥ ΔΗΜΟΤ. ΝΟΣΟΚΟΜΕΙΟΥ Η "ΕΛΠΙΣ",

Δηλοῖ, ὅτι ἐκτίθεται εἰς μειοδοτικὴν δημοπρασίαν ἡ ἐνοικίασις προμηθείας τῶν εἰδῶν Ἀρτοπωλείου, Κρεοπωλείου, Παντοπωλείου, Λαχανοπωλείου καὶ Καυσοξύλων, ἐν τῷ κατὰ τοῦτον ἐρχόμενον ἔτει τὴν Κυριακὴν 20 τρ. μ. ἀπὸ τῆς 10 μέχρι τῆς 12 τῆς μεσημβρίας.

Ἐν Ἀθήναις τῇ 18 Ἰανουαρίου 1902.

Ὁ Δήμαρχος Ἀθηναίων Πρόεδρος τοῦ Ἀδελφάτου Σ. Μερκούρης

ΤΥΧΑΙΑ
ΔΥΣΤΥΧΗΜΑΤΑ ΚΑΙ ΤΡΑΥΜΑΤΙΣΜΟΙ

Ὁ Ἰωάννης Κ. Λιάκος ἐκ Καλυβίων κατακείμενος ἐν τῇ οἰκίᾳ του ἔπεσεν ἐκ τῆς κλίμακος καὶ ἐτραυματίσθη βαρέως εἰς τὴν κεφαλήν.

Ὁ Νικόλαος Κωνσταντάκος μουσικὸς ἐπιστρέφων εἰς Ἀθήνας ὠλίσθησε ἐν τῇ ὁδῷ καὶ συνετρίβη τὴν κνήμην.

Ὁ Γεώργιος Τζουτζάκης ἐξ Ἐλευσῖνος ἐργάτης εἰς ἐργοστάσιον ὑπέστη τραύματα εἰς τὴν χεῖρα ἐκ μηχανῆς.

Τῆς θεραπείας τῶν τραυματιῶν τούτων ἐπελήφθη ὁ ἰατρὸς τῆς πόλεως ἰατρὸς κ. Ἀ. Λίουσας.

ΕΥΧΑΡΙΣΤΗΡΙΟΝ

Θερμοτάτας τὰς εὐχαριστίας μου ἐκφράζω πρὸς τὸν ἰατρὸν κ. Σπυρίδωνα Καλλιγᾶν διὰ τὰς ἐπιμελεῖς περιποιήσεις καὶ τὴν ἐπιτυχῆ θεραπείαν τῆς ἀσθενείας μου.

Ἡ εὐγνωμονοῦσα Αἰκ. Ἀστεριάδου

ΕΥΧΑΡΙΣΤΗΡΙΟΝ

Καὶ διὰ τοῦ τύπου ἐκφράζω τὰς ἀπείρους εὐχαριστίας μου πρὸς τὸν εὐγενέστατον κ. Πολυχρόνην τὸν καλλίστου προϊστάμενον τῶν ἐν τῷ Νοσοκομείῳ ἰατρῶν.

Ἐν Ἀθήναις τῇ 18 Ἰανουαρίου. Γεώργιος Σκούρλης

ΠΡΟΣΚΛΗΣΙΣ

Καλοῦνται οἱ πρόεδροι τῶν Συντεχνιῶν εἰς συνεδρίασιν τὴν Κυριακὴν 21 τρ. ὥραν 2 μ. μ. εἰς τὸ γραφεῖον τοῦ Ἀθηναϊκοῦ Συλλόγου (Νέα Ἀγορά).

Ἀθῆναι τῇ 20 Ἰανουαρίου 1902. Ἡ διοικητικὴ ἐπιτροπὴ τοῦ Συνδέσμου τῶν Συντεχνιῶν

ΝΕΑΙ ΕΚΔΟΣΕΙΣ
ΕΛΛΗΝΙΚΟΙ ΚΩΔΙΚΕΣ Γ. Δυοβουνιώτου

Ὅλη ἡ σειρὰ τῶν ἐκδοθέντων 16 τόμων θὰ πωληθῇ μετ᾽ ἐκπτώσεως. Ὁ πρῶτος τόμος τῶν ἐκδόσεων περιέχει τὸν Ἀστικὸν Κώδικα.

Η ΕΛΛΗΝΙΚΗ ΑΥΛΟΠΛΑΓΓΑ
ΣΤΑΜΑΤ. ΠΑΠΑΛΕΟΝΑΡΔΟΥ

Τὸ ἀπόλυτον εἰς τὸ «Ἄστυ» ἐν ᾧ δὲ εὑρίσκονται καθ᾽ ἑκάστην ἐν τῷ γραφείῳ τοῦ Ἀργολικοῦ.

ΔΙΑΤΙ: Διατί βλέπεις τὰς ποντικὰς τοῦ «Ζάππειον»; Διατί εἶναι ὁ κ. Παπαλεονάρδος ἐπιστήμων καὶ γνωρίζει καλῶς τὴν αὐλοπλαγγήν;

Η ΚΟΡΗ ΤΟΥ ΛΑΟΥ

Τὸ βιβλίον σας, Τὸ μυθιστόρημά σας, Τὸ Εὐαγγέλιόν σας.

Διατί πάσχει ὁ λαός; Διατί ὑπάρχει πτωχεία; Ἐν τῷ βιβλίῳ «Ἡ Κόρη τοῦ Λαοῦ» εὑρίσκονται ἀπαντήσεις εἰς ὅλα ταῦτα.

Πωλεῖται εἰς τὸ βιβλιοπωλεῖον «Ἑστία» Κλειδοκόλαδλον γεωργιανὰ εὐκαιρίαι. Ὁδὸς Γεώργ. 18 Λ.
